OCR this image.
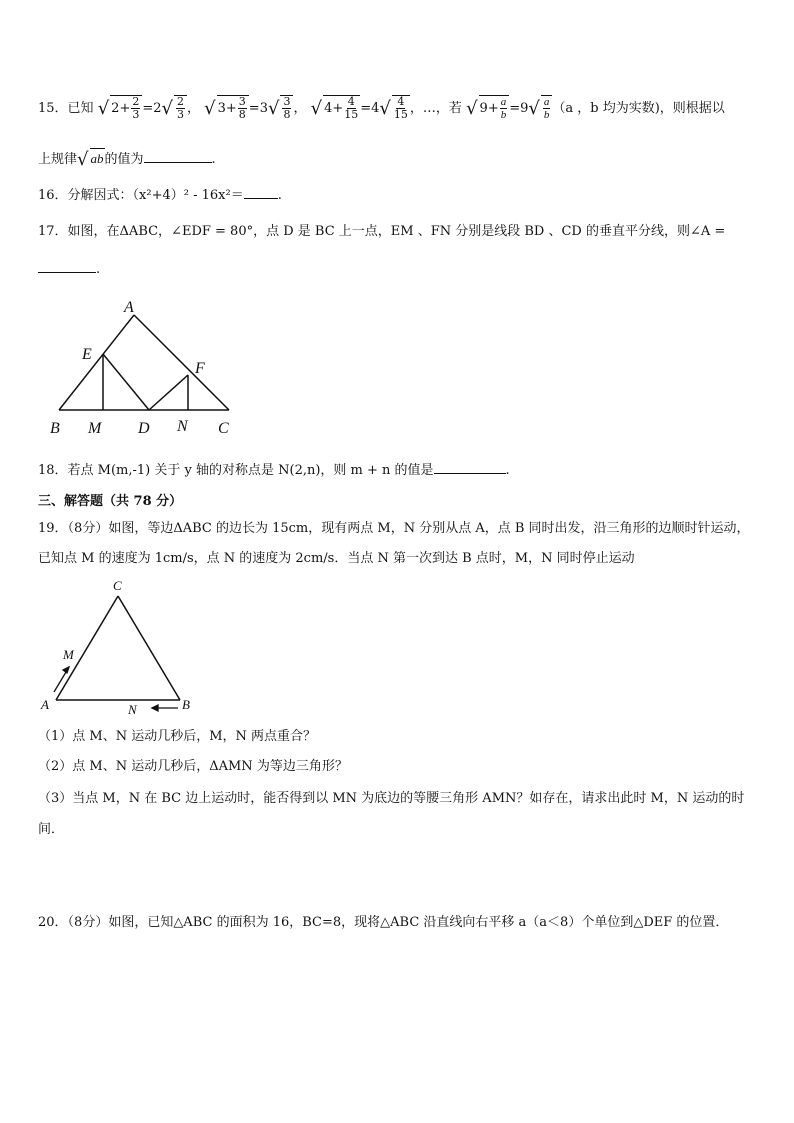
15．已知 √ $2+ \frac{2}{3} =2√ \frac{2}{3}$ ， √ $3+ \frac{3}{8} =3√ \frac{3}{8}$ ， √ $4+ \frac{4}{15} =4√ \frac{4}{15}$ ，…，若 √ $9+ \frac{a}{b} =9√ \frac{a}{b} (a$ ，b 均为实数)，则根据以
上规律√ ab的值为	.
16．分解因式：（x²+4）² - 16x²＝	.
17．如图，在ΔABC，∠EDF = 80°，点 D 是 BC 上一点，EM 、FN 分别是线段 BD 、CD 的垂直平分线，则∠A =
.
A
E
F
B M D N C
18．若点 M(m,-1) 关于 y 轴的对称点是 N(2,n)，则 m + n 的值是	.
三、解答题（共 78 分）
19．（8分）如图，等边ΔABC 的边长为 15cm，现有两点 M，N 分别从点 A，点 B 同时出发，沿三角形的边顺时针运动，
已知点 M 的速度为 1cm/s，点 N 的速度为 2cm/s．当点 N 第一次到达 B 点时，M，N 同时停止运动
C
M
A	N	B
（1）点 M、N 运动几秒后，M，N 两点重合？
（2）点 M、N 运动几秒后，ΔAMN 为等边三角形？
（3）当点 M，N 在 BC 边上运动时，能否得到以 MN 为底边的等腰三角形 AMN？如存在，请求出此时 M，N 运动的时
间．
20．（8分）如图，已知△ABC 的面积为 16，BC=8，现将△ABC 沿直线向右平移 a（a＜8）个单位到△DEF 的位置．
